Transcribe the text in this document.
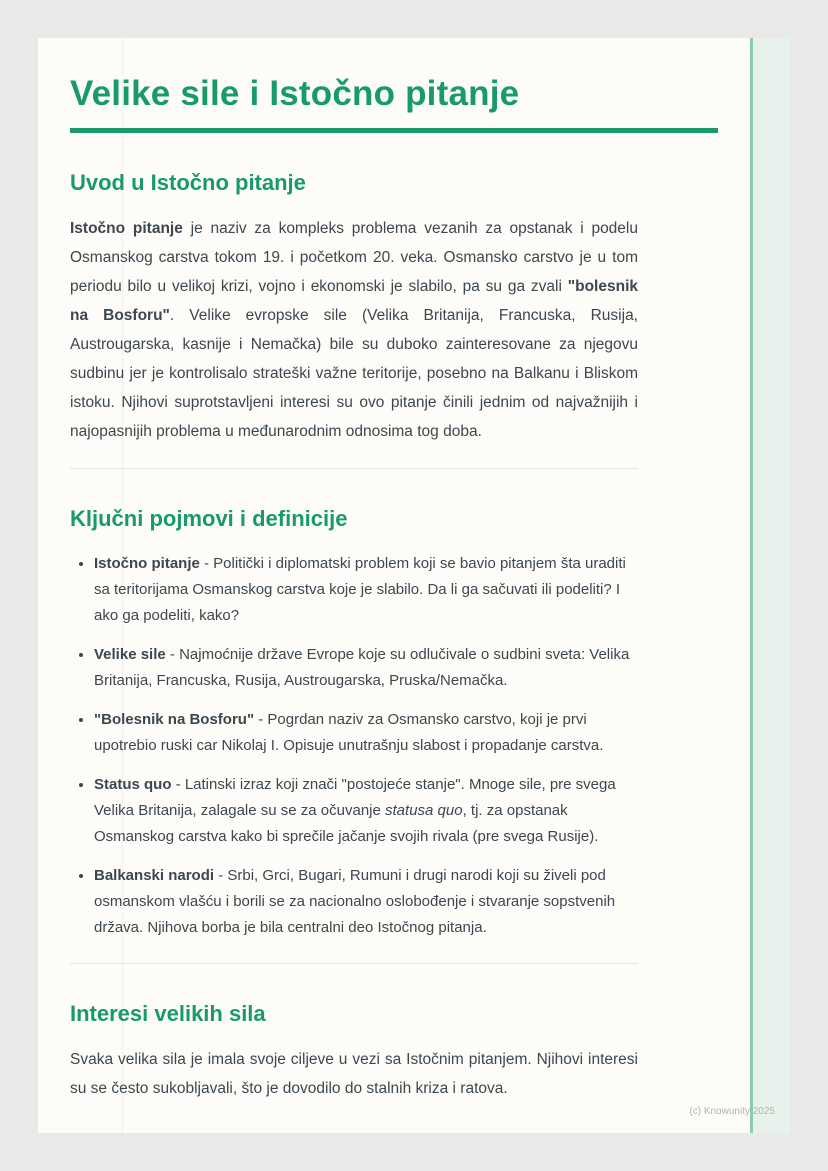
Velike sile i Istočno pitanje
Uvod u Istočno pitanje

Istočno pitanje je naziv za kompleks problema vezanih za opstanak i podelu Osmanskog carstva tokom 19. i početkom 20. veka. Osmansko carstvo je u tom periodu bilo u velikoj krizi, vojno i ekonomski je slabilo, pa su ga zvali "bolesnik na Bosforu". Velike evropske sile (Velika Britanija, Francuska, Rusija, Austrougarska, kasnije i Nemačka) bile su duboko zainteresovane za njegovu sudbinu jer je kontrolisalo strateški važne teritorije, posebno na Balkanu i Bliskom istoku. Njihovi suprotstavljeni interesi su ovo pitanje činili jednim od najvažnijih i najopasnijih problema u međunarodnim odnosima tog doba.

Ključni pojmovi i definicije
• Istočno pitanje - Politički i diplomatski problem koji se bavio pitanjem šta uraditi sa teritorijama Osmanskog carstva koje je slabilo. Da li ga sačuvati ili podeliti? I ako ga podeliti, kako?
• Velike sile - Najmoćnije države Evrope koje su odlučivale o sudbini sveta: Velika Britanija, Francuska, Rusija, Austrougarska, Pruska/Nemačka.
• "Bolesnik na Bosforu" - Pogrdan naziv za Osmansko carstvo, koji je prvi upotrebio ruski car Nikolaj I. Opisuje unutrašnju slabost i propadanje carstva.
• Status quo - Latinski izraz koji znači "postojeće stanje". Mnoge sile, pre svega Velika Britanija, zalagale su se za očuvanje statusa quo, tj. za opstanak Osmanskog carstva kako bi sprečile jačanje svojih rivala (pre svega Rusije).
• Balkanski narodi - Srbi, Grci, Bugari, Rumuni i drugi narodi koji su živeli pod osmanskom vlašću i borili se za nacionalno oslobođenje i stvaranje sopstvenih država. Njihova borba je bila centralni deo Istočnog pitanja.
Interesi velikih sila

Svaka velika sila je imala svoje ciljeve u vezi sa Istočnim pitanjem. Njihovi interesi su se često sukobljavali, što je dovodilo do stalnih kriza i ratova.

(c) Knowunity 2025
